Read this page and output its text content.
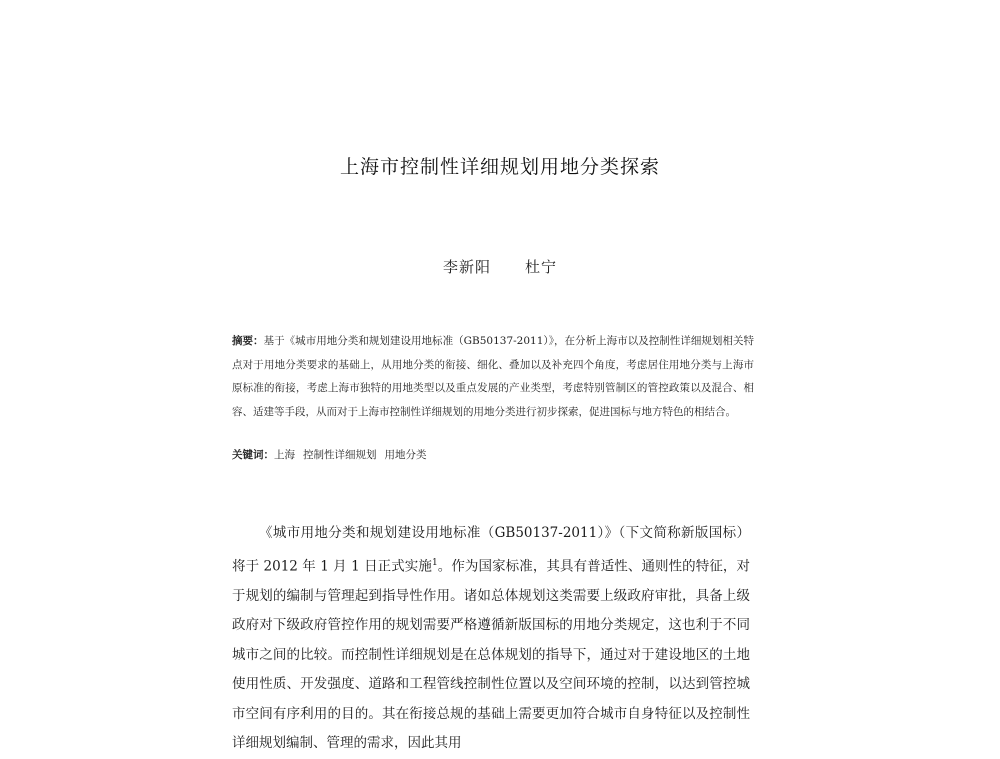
上海市控制性详细规划用地分类探索
李新阳 杜宁
摘要：基于《城市用地分类和规划建设用地标准（GB50137-2011）》，在分析上海市以及控制性详细规划相关特点对于用地分类要求的基础上，从用地分类的衔接、细化、叠加以及补充四个角度，考虑居住用地分类与上海市原标准的衔接，考虑上海市独特的用地类型以及重点发展的产业类型，考虑特别管制区的管控政策以及混合、相容、适建等手段，从而对于上海市控制性详细规划的用地分类进行初步探索，促进国标与地方特色的相结合。
关键词：上海 控制性详细规划 用地分类
《城市用地分类和规划建设用地标准（GB50137-2011）》（下文简称新版国标）将于 2012 年 1 月 1 日正式实施$^1$。作为国家标准，其具有普适性、通则性的特征，对于规划的编制与管理起到指导性作用。诸如总体规划这类需要上级政府审批，具备上级政府对下级政府管控作用的规划需要严格遵循新版国标的用地分类规定，这也利于不同城市之间的比较。而控制性详细规划是在总体规划的指导下，通过对于建设地区的土地使用性质、开发强度、道路和工程管线控制性位置以及空间环境的控制，以达到管控城市空间有序利用的目的。其在衔接总规的基础上需要更加符合城市自身特征以及控制性详细规划编制、管理的需求，因此其用
